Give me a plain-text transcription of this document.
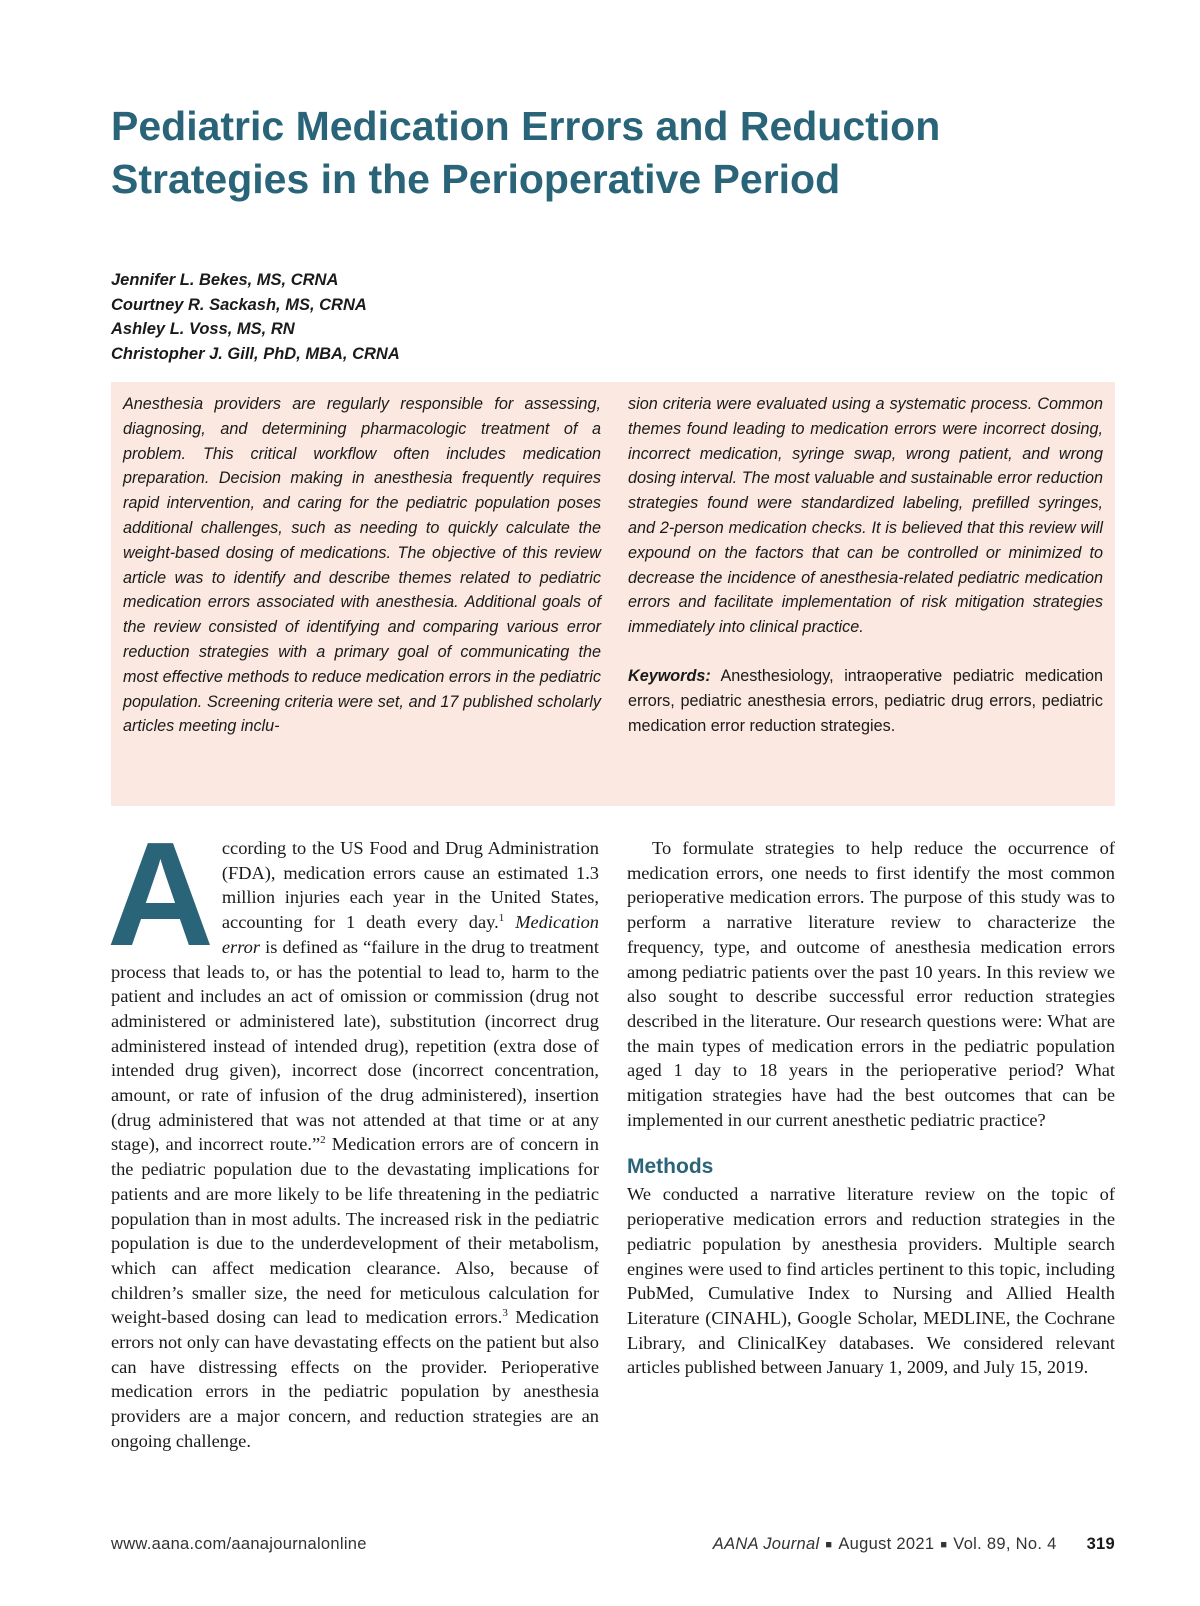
Pediatric Medication Errors and Reduction Strategies in the Perioperative Period
Jennifer L. Bekes, MS, CRNA
Courtney R. Sackash, MS, CRNA
Ashley L. Voss, MS, RN
Christopher J. Gill, PhD, MBA, CRNA

Anesthesia providers are regularly responsible for assessing, diagnosing, and determining pharmacologic treatment of a problem. This critical workflow often includes medication preparation. Decision making in anesthesia frequently requires rapid intervention, and caring for the pediatric population poses additional challenges, such as needing to quickly calculate the weight-based dosing of medications. The objective of this review article was to identify and describe themes related to pediatric medication errors associated with anesthesia. Additional goals of the review consisted of identifying and comparing various error reduction strategies with a primary goal of communicating the most effective methods to reduce medication errors in the pediatric population. Screening criteria were set, and 17 published scholarly articles meeting inclu-

sion criteria were evaluated using a systematic process. Common themes found leading to medication errors were incorrect dosing, incorrect medication, syringe swap, wrong patient, and wrong dosing interval. The most valuable and sustainable error reduction strategies found were standardized labeling, prefilled syringes, and 2-person medication checks. It is believed that this review will expound on the factors that can be controlled or minimized to decrease the incidence of anesthesia-related pediatric medication errors and facilitate implementation of risk mitigation strategies immediately into clinical practice.

Keywords: Anesthesiology, intraoperative pediatric medication errors, pediatric anesthesia errors, pediatric drug errors, pediatric medication error reduction strategies.

According to the US Food and Drug Administration (FDA), medication errors cause an estimated 1.3 million injuries each year in the United States, accounting for 1 death every day.$^1$ Medication error is defined as “failure in the drug to treatment process that leads to, or has the potential to lead to, harm to the patient and includes an act of omission or commission (drug not administered or administered late), substitution (incorrect drug administered instead of intended drug), repetition (extra dose of intended drug given), incorrect dose (incorrect concentration, amount, or rate of infusion of the drug administered), insertion (drug administered that was not attended at that time or at any stage), and incorrect route.”$^2$ Medication errors are of concern in the pediatric population due to the devastating implications for patients and are more likely to be life threatening in the pediatric population than in most adults. The increased risk in the pediatric population is due to the underdevelopment of their metabolism, which can affect medication clearance. Also, because of children’s smaller size, the need for meticulous calculation for weight-based dosing can lead to medication errors.$^3$ Medication errors not only can have devastating effects on the patient but also can have distressing effects on the provider. Perioperative medication errors in the pediatric population by anesthesia providers are a major concern, and reduction strategies are an ongoing challenge.

To formulate strategies to help reduce the occurrence of medication errors, one needs to first identify the most common perioperative medication errors. The purpose of this study was to perform a narrative literature review to characterize the frequency, type, and outcome of anesthesia medication errors among pediatric patients over the past 10 years. In this review we also sought to describe successful error reduction strategies described in the literature. Our research questions were: What are the main types of medication errors in the pediatric population aged 1 day to 18 years in the perioperative period? What mitigation strategies have had the best outcomes that can be implemented in our current anesthetic pediatric practice?

Methods

We conducted a narrative literature review on the topic of perioperative medication errors and reduction strategies in the pediatric population by anesthesia providers. Multiple search engines were used to find articles pertinent to this topic, including PubMed, Cumulative Index to Nursing and Allied Health Literature (CINAHL), Google Scholar, MEDLINE, the Cochrane Library, and ClinicalKey databases. We considered relevant articles published between January 1, 2009, and July 15, 2019.

www.aana.com/aanajournalonline	AANA Journal ■ August 2021 ■ Vol. 89, No. 4 319
